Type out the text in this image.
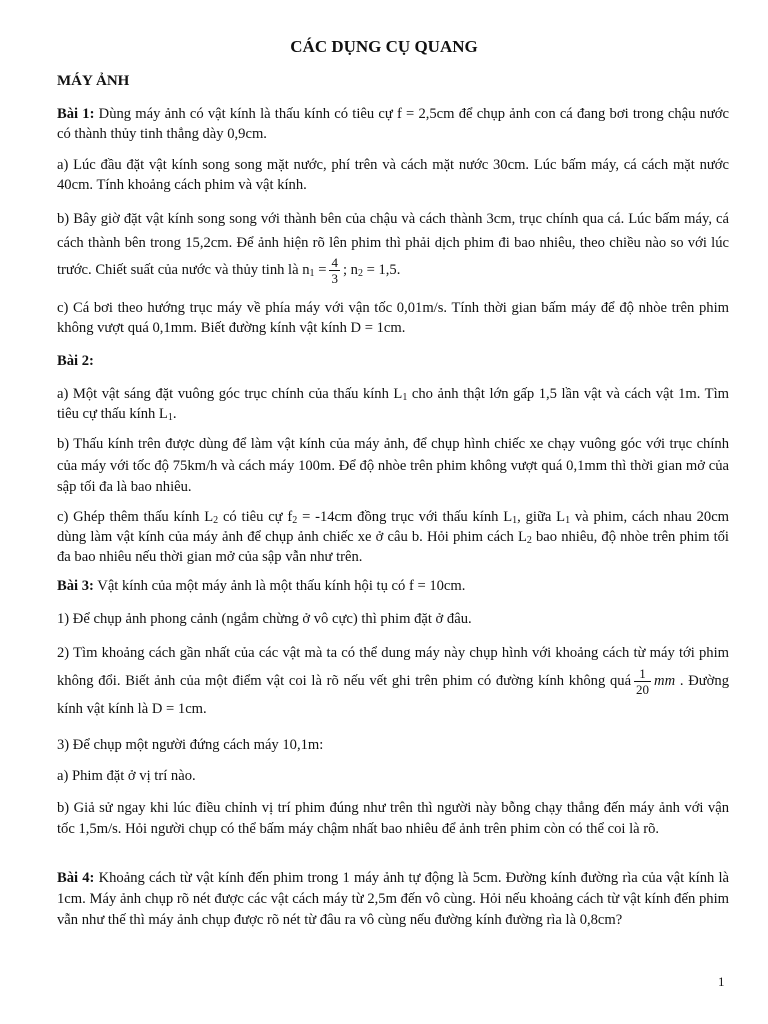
CÁC DỤNG CỤ QUANG
MÁY ẢNH

Bài 1: Dùng máy ảnh có vật kính là thấu kính có tiêu cự f = 2,5cm để chụp ảnh con cá đang bơi trong chậu nước có thành thủy tinh thẳng dày 0,9cm.

a) Lúc đầu đặt vật kính song song mặt nước, phí trên và cách mặt nước 30cm. Lúc bấm máy, cá cách mặt nước 40cm. Tính khoảng cách phim và vật kính.

b) Bây giờ đặt vật kính song song với thành bên của chậu và cách thành 3cm, trục chính qua cá. Lúc bấm máy, cá cách thành bên trong 15,2cm. Để ảnh hiện rõ lên phim thì phải dịch phim đi bao nhiêu, theo chiều nào so với lúc trước. Chiết suất của nước và thủy tinh là $n_1 = \frac{4}{3}$ ; $n_2 = 1,5$.

c) Cá bơi theo hướng trục máy về phía máy với vận tốc 0,01m/s. Tính thời gian bấm máy để độ nhòe trên phim không vượt quá 0,1mm. Biết đường kính vật kính D = 1cm.

Bài 2:

a) Một vật sáng đặt vuông góc trục chính của thấu kính $L_1$ cho ảnh thật lớn gấp 1,5 lần vật và cách vật 1m. Tìm tiêu cự thấu kính $L_1$.

b) Thấu kính trên được dùng để làm vật kính của máy ảnh, để chụp hình chiếc xe chạy vuông góc với trục chính của máy với tốc độ 75km/h và cách máy 100m. Để độ nhòe trên phim không vượt quá 0,1mm thì thời gian mở của sập tối đa là bao nhiêu.

c) Ghép thêm thấu kính $L_2$ có tiêu cự $f_2 = -14cm$ đồng trục với thấu kính $L_1$, giữa $L_1$ và phim, cách nhau 20cm dùng làm vật kính của máy ảnh để chụp ảnh chiếc xe ở câu b. Hỏi phim cách $L_2$ bao nhiêu, độ nhòe trên phim tối đa bao nhiêu nếu thời gian mở của sập vẫn như trên.

Bài 3: Vật kính của một máy ảnh là một thấu kính hội tụ có f = 10cm.

1) Để chụp ảnh phong cảnh (ngắm chừng ở vô cực) thì phim đặt ở đâu.

2) Tìm khoảng cách gần nhất của các vật mà ta có thể dung máy này chụp hình với khoảng cách từ máy tới phim không đổi. Biết ảnh của một điểm vật coi là rõ nếu vết ghi trên phim có đường kính không quá $\frac{1}{20}$ mm . Đường kính vật kính là D = 1cm.

3) Để chụp một người đứng cách máy 10,1m:

a) Phim đặt ở vị trí nào.

b) Giả sử ngay khi lúc điều chỉnh vị trí phim đúng như trên thì người này bỗng chạy thẳng đến máy ảnh với vận tốc 1,5m/s. Hỏi người chụp có thể bấm máy chậm nhất bao nhiêu để ảnh trên phim còn có thể coi là rõ.

Bài 4: Khoảng cách từ vật kính đến phim trong 1 máy ảnh tự động là 5cm. Đường kính đường rìa của vật kính là 1cm. Máy ảnh chụp rõ nét được các vật cách máy từ 2,5m đến vô cùng. Hỏi nếu khoảng cách từ vật kính đến phim vẫn như thế thì máy ảnh chụp được rõ nét từ đâu ra vô cùng nếu đường kính đường rìa là 0,8cm?

1
